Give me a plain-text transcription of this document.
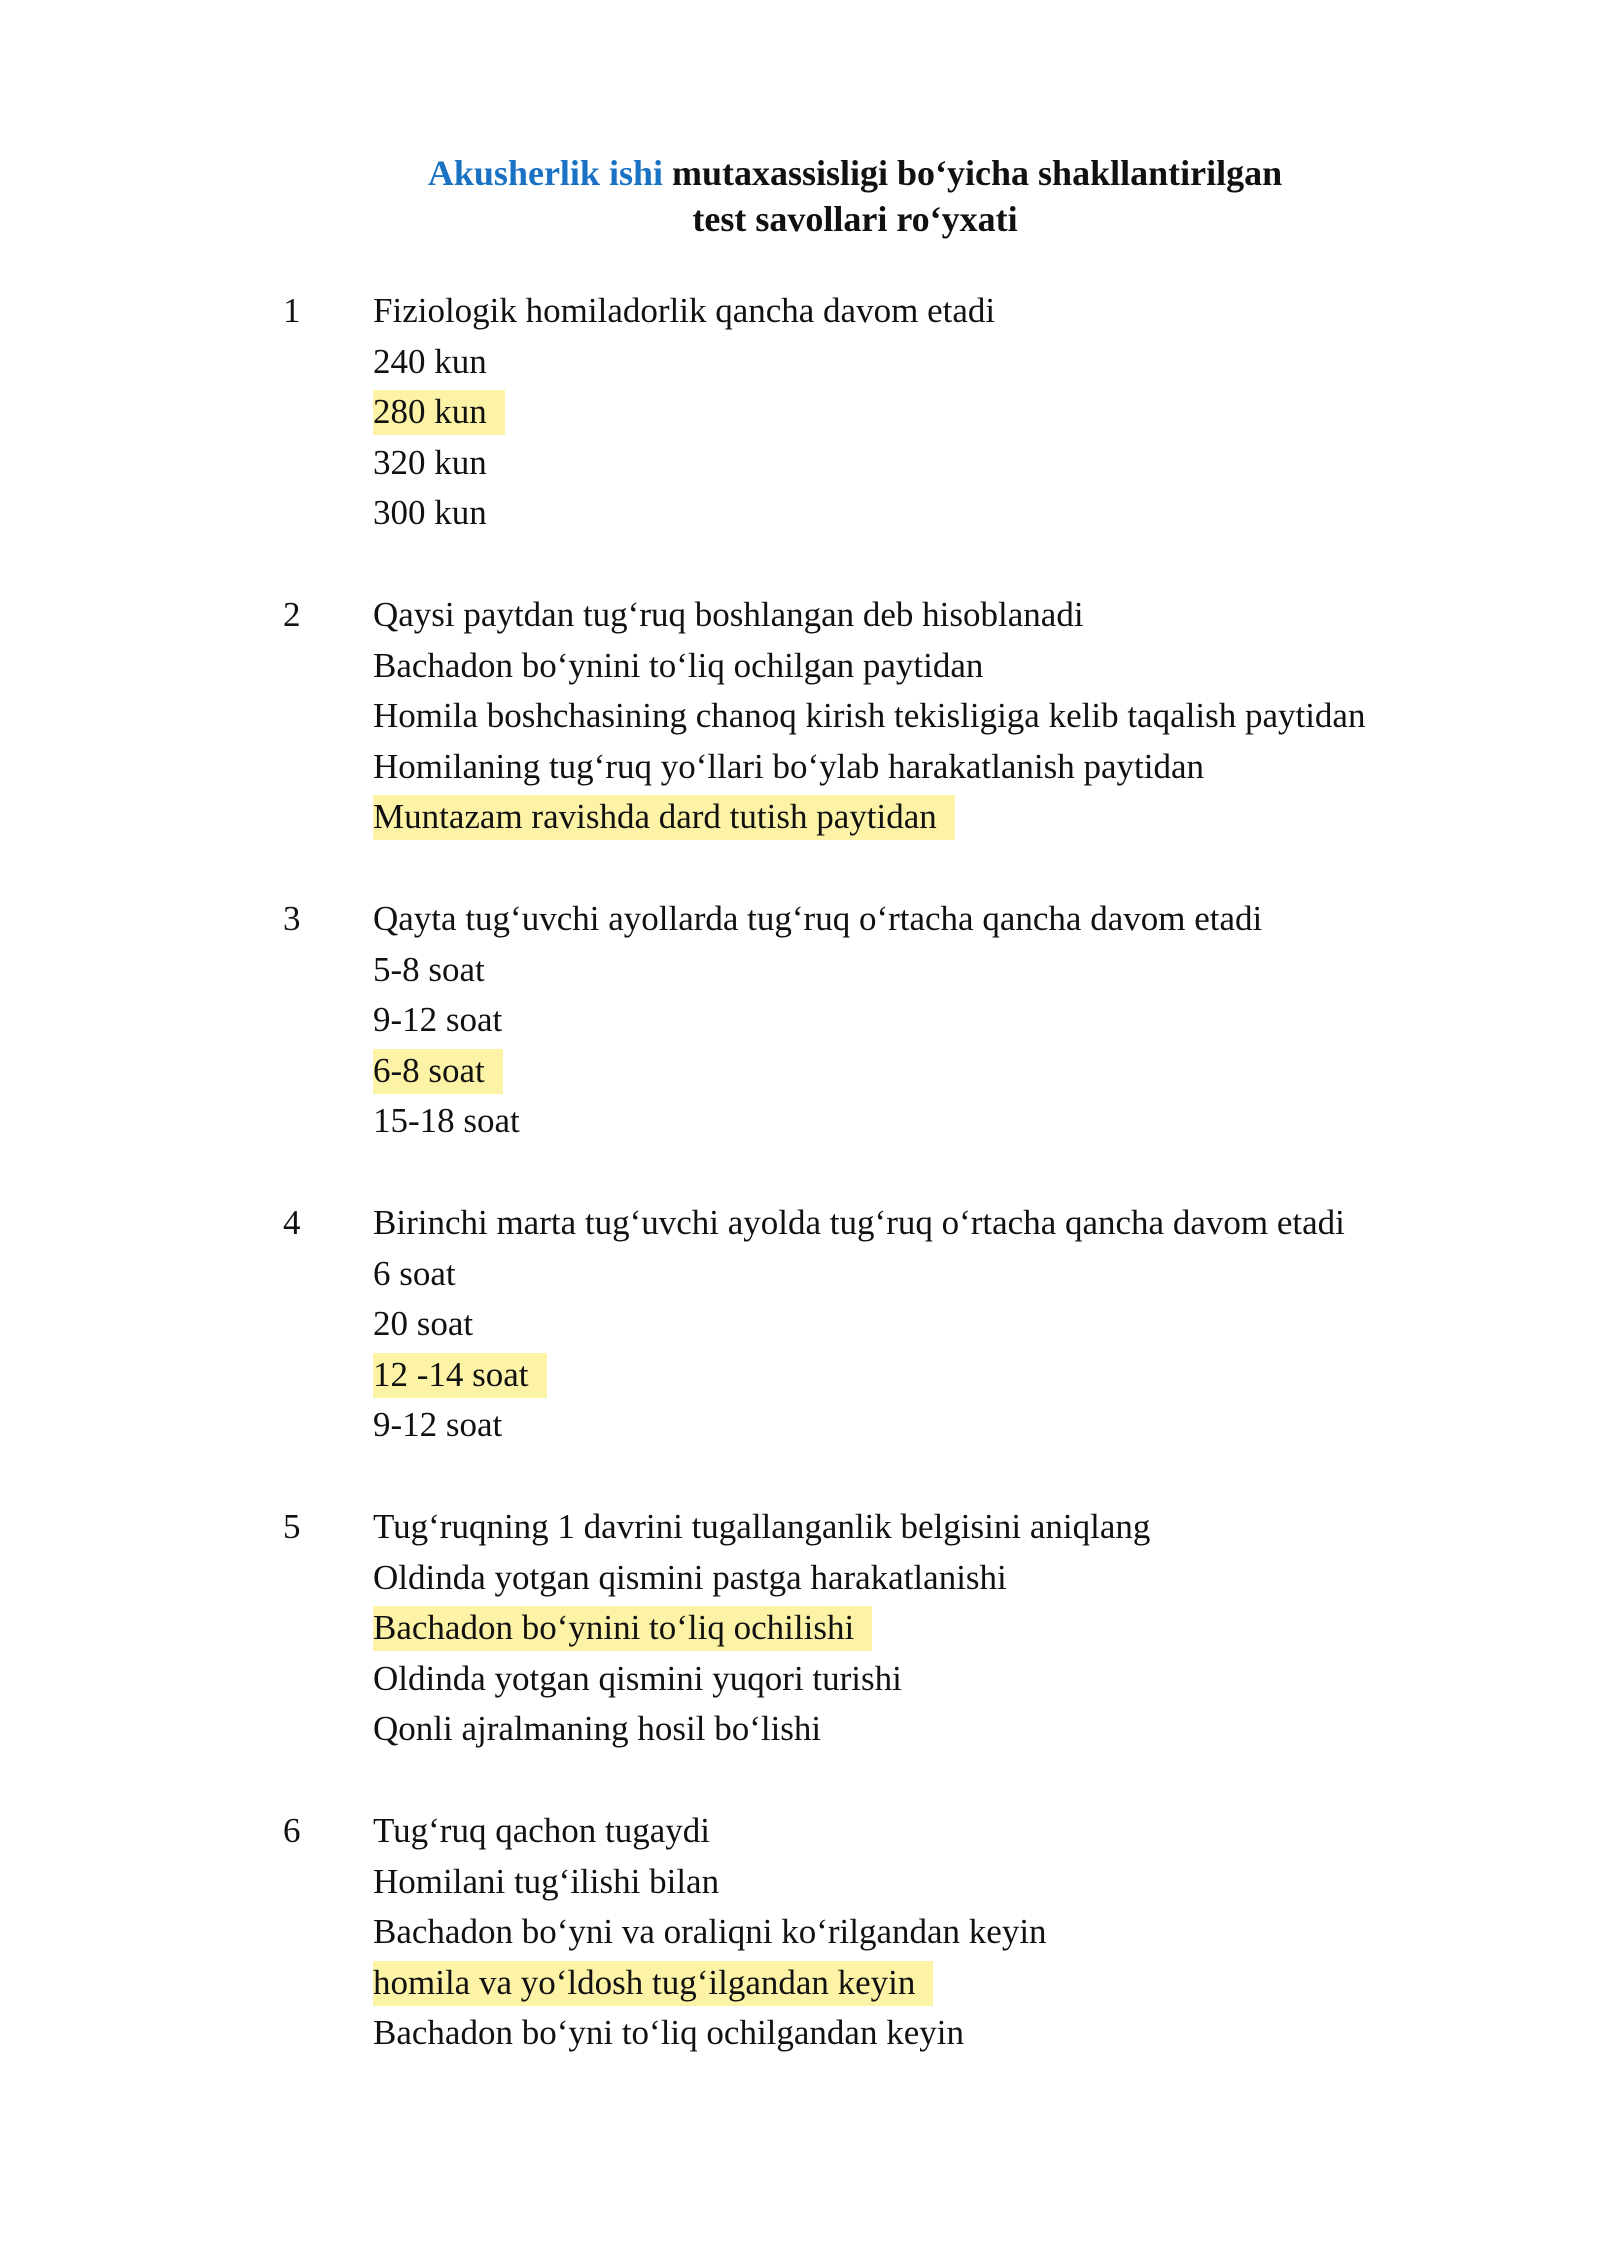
Akusherlik ishi mutaxassisligi bo‘yicha shakllantirilgan
test savollari ro‘yxati
1 Fiziologik homiladorlik qancha davom etadi
240 kun
280 kun
320 kun
300 kun
2 Qaysi paytdan tug‘ruq boshlangan deb hisoblanadi
Bachadon bo‘ynini to‘liq ochilgan paytidan
Homila boshchasining chanoq kirish tekisligiga kelib taqalish paytidan
Homilaning tug‘ruq yo‘llari bo‘ylab harakatlanish paytidan
Muntazam ravishda dard tutish paytidan
3 Qayta tug‘uvchi ayollarda tug‘ruq o‘rtacha qancha davom etadi
5-8 soat
9-12 soat
6-8 soat
15-18 soat
4 Birinchi marta tug‘uvchi ayolda tug‘ruq o‘rtacha qancha davom etadi
6 soat
20 soat
12 -14 soat
9-12 soat
5 Tug‘ruqning 1 davrini tugallanganlik belgisini aniqlang
Oldinda yotgan qismini pastga harakatlanishi
Bachadon bo‘ynini to‘liq ochilishi
Oldinda yotgan qismini yuqori turishi
Qonli ajralmaning hosil bo‘lishi
6 Tug‘ruq qachon tugaydi
Homilani tug‘ilishi bilan
Bachadon bo‘yni va oraliqni ko‘rilgandan keyin
homila va yo‘ldosh tug‘ilgandan keyin
Bachadon bo‘yni to‘liq ochilgandan keyin
